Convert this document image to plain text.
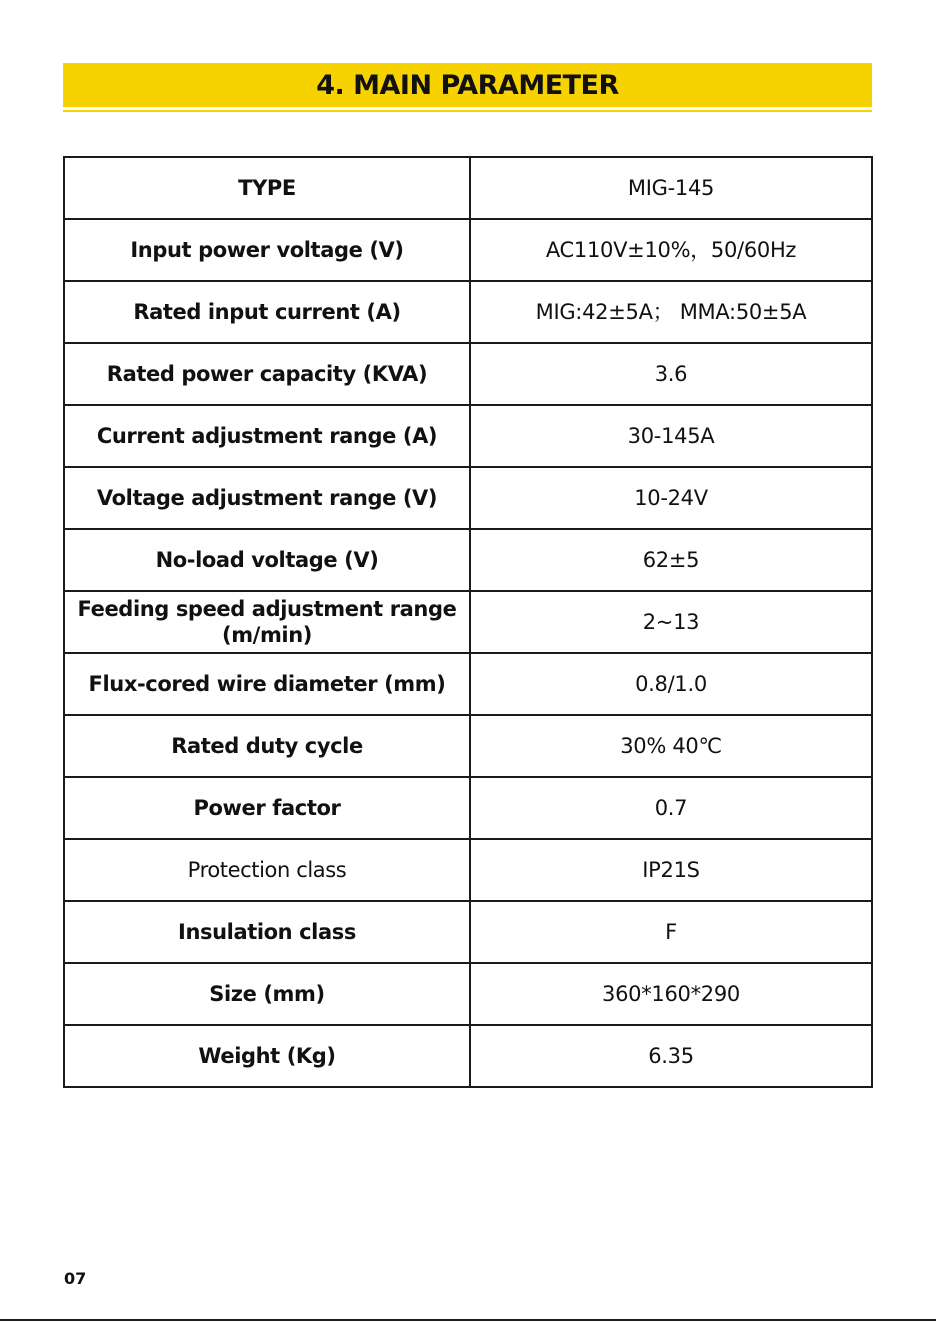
4. MAIN PARAMETER
TYPE	MIG-145
Input power voltage (V)	AC110V±10%，50/60Hz
Rated input current (A)	MIG:42±5A； MMA:50±5A
Rated power capacity (KVA)	3.6
Current adjustment range (A)	30-145A
Voltage adjustment range (V)	10-24V
No-load voltage (V)	62±5
Feeding speed adjustment range (m/min)	2~13
Flux-cored wire diameter (mm)	0.8/1.0
Rated duty cycle	30% 40℃
Power factor	0.7
Protection class	IP21S
Insulation class	F
Size (mm)	360*160*290
Weight (Kg)	6.35
07
